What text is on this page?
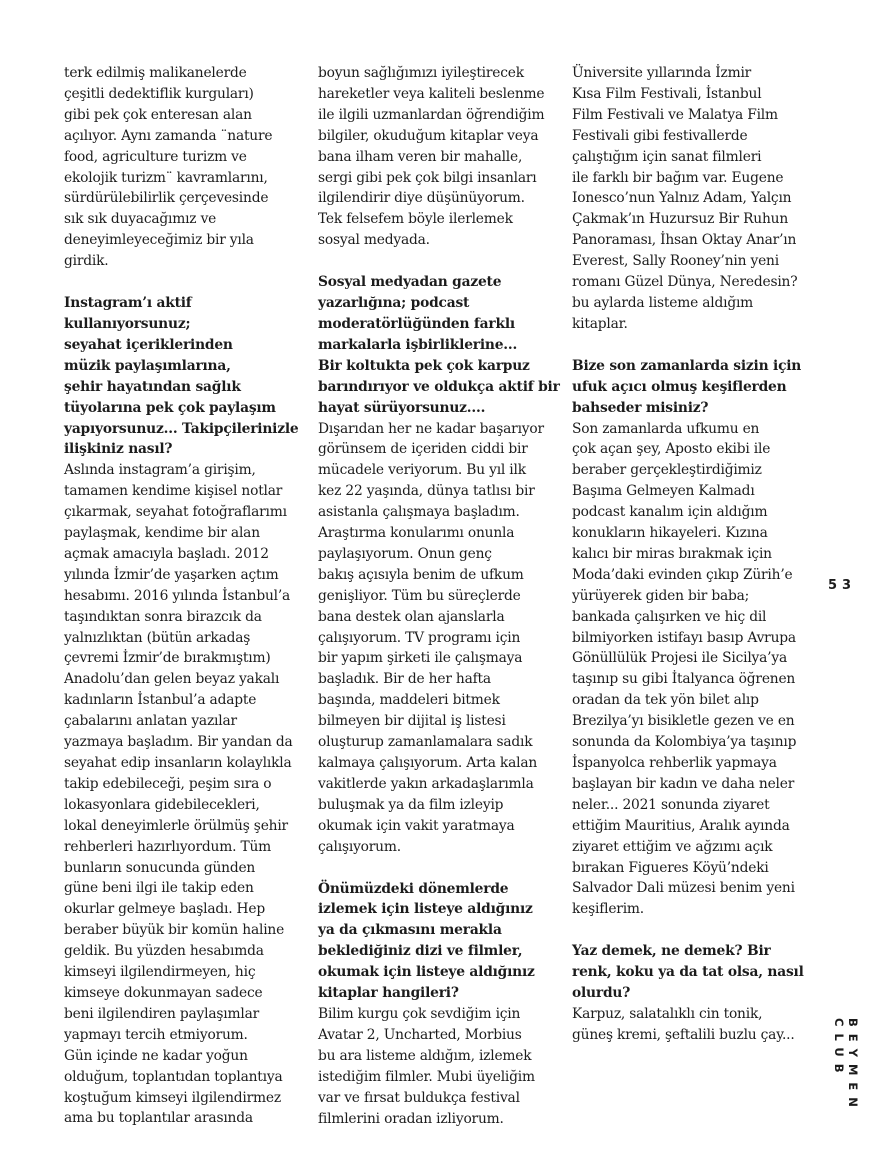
terk edilmiş malikanelerde
çeşitli dedektiflik kurguları)
gibi pek çok enteresan alan
açılıyor. Aynı zamanda ¨nature
food, agriculture turizm ve
ekolojik turizm¨ kavramlarını,
sürdürülebilirlik çerçevesinde
sık sık duyacağımız ve
deneyimleyeceğimiz bir yıla
girdik.
Instagram’ı aktif
kullanıyorsunuz;
seyahat içeriklerinden
müzik paylaşımlarına,
şehir hayatından sağlık
tüyolarına pek çok paylaşım
yapıyorsunuz... Takipçilerinizle
ilişkiniz nasıl?
Aslında instagram’a girişim,
tamamen kendime kişisel notlar
çıkarmak, seyahat fotoğraflarımı
paylaşmak, kendime bir alan
açmak amacıyla başladı. 2012
yılında İzmir’de yaşarken açtım
hesabımı. 2016 yılında İstanbul’a
taşındıktan sonra birazcık da
yalnızlıktan (bütün arkadaş
çevremi İzmir’de bırakmıştım)
Anadolu’dan gelen beyaz yakalı
kadınların İstanbul’a adapte
çabalarını anlatan yazılar
yazmaya başladım. Bir yandan da
seyahat edip insanların kolaylıkla
takip edebileceği, peşim sıra o
lokasyonlara gidebilecekleri,
lokal deneyimlerle örülmüş şehir
rehberleri hazırlıyordum. Tüm
bunların sonucunda günden
güne beni ilgi ile takip eden
okurlar gelmeye başladı. Hep
beraber büyük bir komün haline
geldik. Bu yüzden hesabımda
kimseyi ilgilendirmeyen, hiç
kimseye dokunmayan sadece
beni ilgilendiren paylaşımlar
yapmayı tercih etmiyorum.
Gün içinde ne kadar yoğun
olduğum, toplantıdan toplantıya
koştuğum kimseyi ilgilendirmez
ama bu toplantılar arasında
boyun sağlığımızı iyileştirecek
hareketler veya kaliteli beslenme
ile ilgili uzmanlardan öğrendiğim
bilgiler, okuduğum kitaplar veya
bana ilham veren bir mahalle,
sergi gibi pek çok bilgi insanları
ilgilendirir diye düşünüyorum.
Tek felsefem böyle ilerlemek
sosyal medyada.
Sosyal medyadan gazete
yazarlığına; podcast
moderatörlüğünden farklı
markalarla işbirliklerine...
Bir koltukta pek çok karpuz
barındırıyor ve oldukça aktif bir
hayat sürüyorsunuz....
Dışarıdan her ne kadar başarıyor
görünsem de içeriden ciddi bir
mücadele veriyorum. Bu yıl ilk
kez 22 yaşında, dünya tatlısı bir
asistanla çalışmaya başladım.
Araştırma konularımı onunla
paylaşıyorum. Onun genç
bakış açısıyla benim de ufkum
genişliyor. Tüm bu süreçlerde
bana destek olan ajanslarla
çalışıyorum. TV programı için
bir yapım şirketi ile çalışmaya
başladık. Bir de her hafta
başında, maddeleri bitmek
bilmeyen bir dijital iş listesi
oluşturup zamanlamalara sadık
kalmaya çalışıyorum. Arta kalan
vakitlerde yakın arkadaşlarımla
buluşmak ya da film izleyip
okumak için vakit yaratmaya
çalışıyorum.
Önümüzdeki dönemlerde
izlemek için listeye aldığınız
ya da çıkmasını merakla
beklediğiniz dizi ve filmler,
okumak için listeye aldığınız
kitaplar hangileri?
Bilim kurgu çok sevdiğim için
Avatar 2, Uncharted, Morbius
bu ara listeme aldığım, izlemek
istediğim filmler. Mubi üyeliğim
var ve fırsat buldukça festival
filmlerini oradan izliyorum.
Üniversite yıllarında İzmir
Kısa Film Festivali, İstanbul
Film Festivali ve Malatya Film
Festivali gibi festivallerde
çalıştığım için sanat filmleri
ile farklı bir bağım var. Eugene
Ionesco’nun Yalnız Adam, Yalçın
Çakmak’ın Huzursuz Bir Ruhun
Panoraması, İhsan Oktay Anar’ın
Everest, Sally Rooney’nin yeni
romanı Güzel Dünya, Neredesin?
bu aylarda listeme aldığım
kitaplar.
Bize son zamanlarda sizin için
ufuk açıcı olmuş keşiflerden
bahseder misiniz?
Son zamanlarda ufkumu en
çok açan şey, Aposto ekibi ile
beraber gerçekleştirdiğimiz
Başıma Gelmeyen Kalmadı
podcast kanalım için aldığım
konukların hikayeleri. Kızına
kalıcı bir miras bırakmak için
Moda’daki evinden çıkıp Zürih’e
yürüyerek giden bir baba;
bankada çalışırken ve hiç dil
bilmiyorken istifayı basıp Avrupa
Gönüllülük Projesi ile Sicilya’ya
taşınıp su gibi İtalyanca öğrenen
oradan da tek yön bilet alıp
Brezilya’yı bisikletle gezen ve en
sonunda da Kolombiya’ya taşınıp
İspanyolca rehberlik yapmaya
başlayan bir kadın ve daha neler
neler... 2021 sonunda ziyaret
ettiğim Mauritius, Aralık ayında
ziyaret ettiğim ve ağzımı açık
bırakan Figueres Köyü’ndeki
Salvador Dali müzesi benim yeni
keşiflerim.
Yaz demek, ne demek? Bir
renk, koku ya da tat olsa, nasıl
olurdu?
Karpuz, salatalıklı cin tonik,
güneş kremi, şeftalili buzlu çay...
53
BEYMEN CLUB
